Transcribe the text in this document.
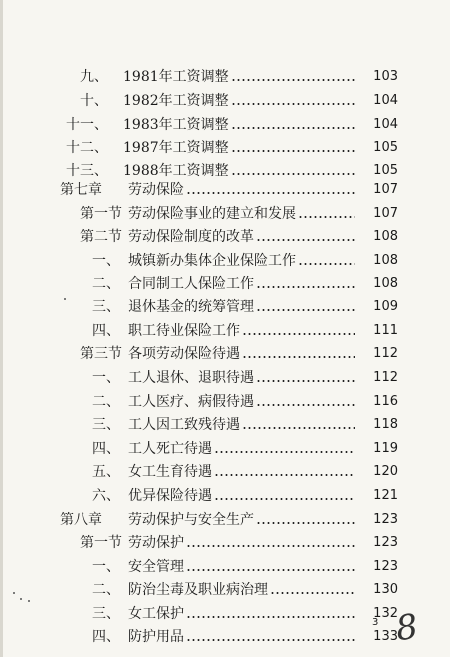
九、 1981年工资调整	103
十、 1982年工资调整	104
十一、 1983年工资调整	104
十二、 1987年工资调整	105
十三、 1988年工资调整	105
第七章 劳动保险	107
第一节 劳动保险事业的建立和发展	107
第二节 劳动保险制度的改革	108
一、 城镇新办集体企业保险工作	108
二、 合同制工人保险工作	108
三、 退休基金的统筹管理	109
四、 职工待业保险工作	111
第三节 各项劳动保险待遇	112
一、 工人退休、退职待遇	112
二、 工人医疗、病假待遇	116
三、 工人因工致残待遇	118
四、 工人死亡待遇	119
五、 女工生育待遇	120
六、 优异保险待遇	121
第八章 劳动保护与安全生产	123
第一节 劳动保护	123
一、 安全管理	123
二、 防治尘毒及职业病治理	130
三、 女工保护	132
四、 防护用品	133
3 8
